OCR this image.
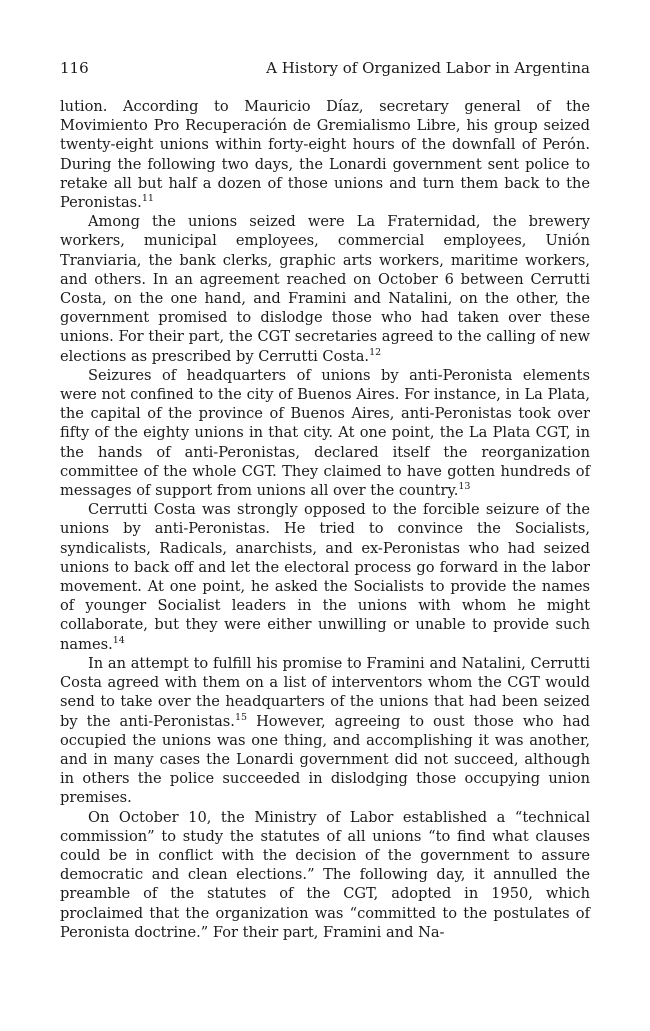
116	A History of Organized Labor in Argentina

lution. According to Mauricio Díaz, secretary general of the Movimiento Pro Recuperación de Gremialismo Libre, his group seized twenty-eight unions within forty-eight hours of the downfall of Perón. During the following two days, the Lonardi government sent police to retake all but half a dozen of those unions and turn them back to the Peronistas.$^{11}$

Among the unions seized were La Fraternidad, the brewery workers, municipal employees, commercial employees, Unión Tranviaria, the bank clerks, graphic arts workers, maritime workers, and others. In an agreement reached on October 6 between Cerrutti Costa, on the one hand, and Framini and Natalini, on the other, the government promised to dislodge those who had taken over these unions. For their part, the CGT secretaries agreed to the calling of new elections as prescribed by Cerrutti Costa.$^{12}$

Seizures of headquarters of unions by anti-Peronista elements were not confined to the city of Buenos Aires. For instance, in La Plata, the capital of the province of Buenos Aires, anti-Peronistas took over fifty of the eighty unions in that city. At one point, the La Plata CGT, in the hands of anti-Peronistas, declared itself the reorganization committee of the whole CGT. They claimed to have gotten hundreds of messages of support from unions all over the country.$^{13}$

Cerrutti Costa was strongly opposed to the forcible seizure of the unions by anti-Peronistas. He tried to convince the Socialists, syndicalists, Radicals, anarchists, and ex-Peronistas who had seized unions to back off and let the electoral process go forward in the labor movement. At one point, he asked the Socialists to provide the names of younger Socialist leaders in the unions with whom he might collaborate, but they were either unwilling or unable to provide such names.$^{14}$

In an attempt to fulfill his promise to Framini and Natalini, Cerrutti Costa agreed with them on a list of interventors whom the CGT would send to take over the headquarters of the unions that had been seized by the anti-Peronistas.$^{15}$ However, agreeing to oust those who had occupied the unions was one thing, and accomplishing it was another, and in many cases the Lonardi government did not succeed, although in others the police succeeded in dislodging those occupying union premises.

On October 10, the Ministry of Labor established a “technical commission” to study the statutes of all unions “to find what clauses could be in conflict with the decision of the government to assure democratic and clean elections.” The following day, it annulled the preamble of the statutes of the CGT, adopted in 1950, which proclaimed that the organization was “committed to the postulates of Peronista doctrine.” For their part, Framini and Na-
